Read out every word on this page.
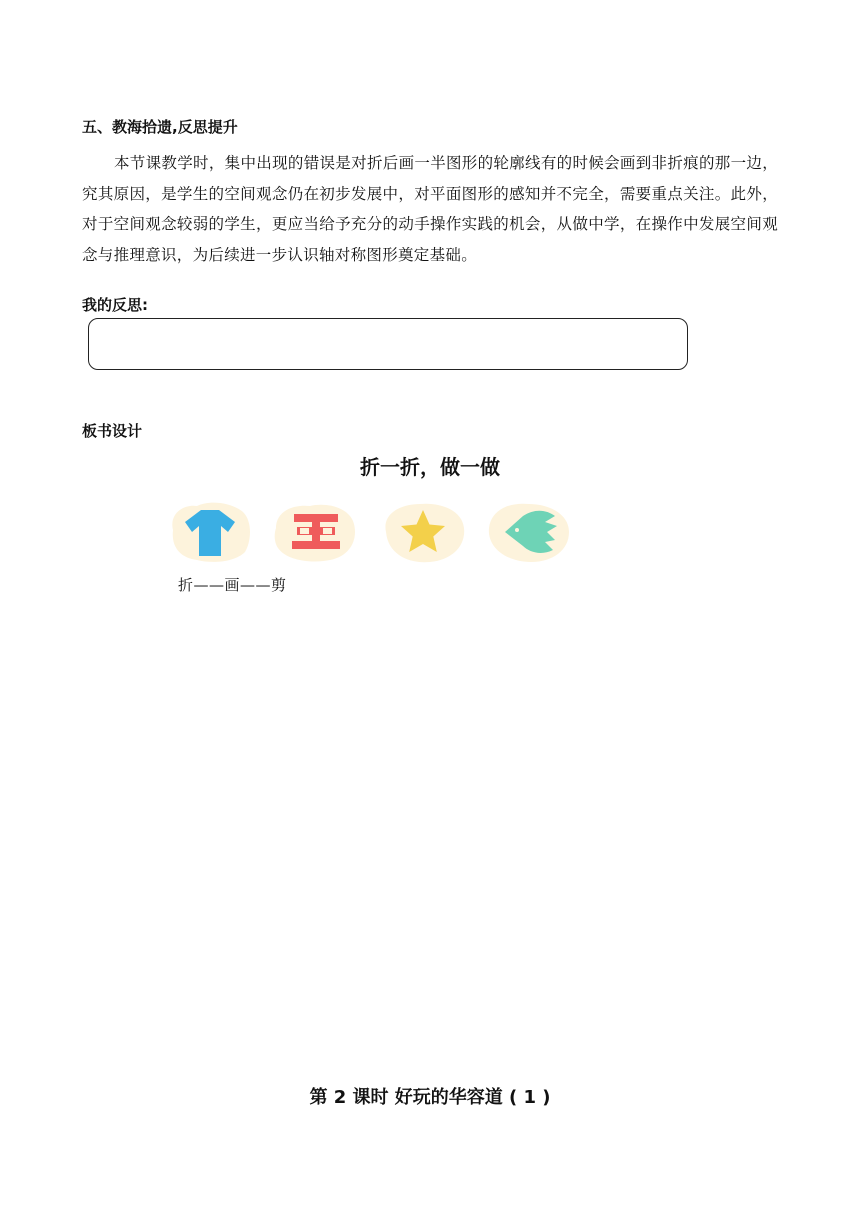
五、教海拾遗,反思提升
本节课教学时，集中出现的错误是对折后画一半图形的轮廓线有的时候会画到非折痕的那一边，究其原因，是学生的空间观念仍在初步发展中，对平面图形的感知并不完全，需要重点关注。此外，对于空间观念较弱的学生，更应当给予充分的动手操作实践的机会，从做中学，在操作中发展空间观念与推理意识，为后续进一步认识轴对称图形奠定基础。
我的反思:
板书设计
折一折，做一做
折——画——剪
第 2 课时 好玩的华容道 ( 1 )
